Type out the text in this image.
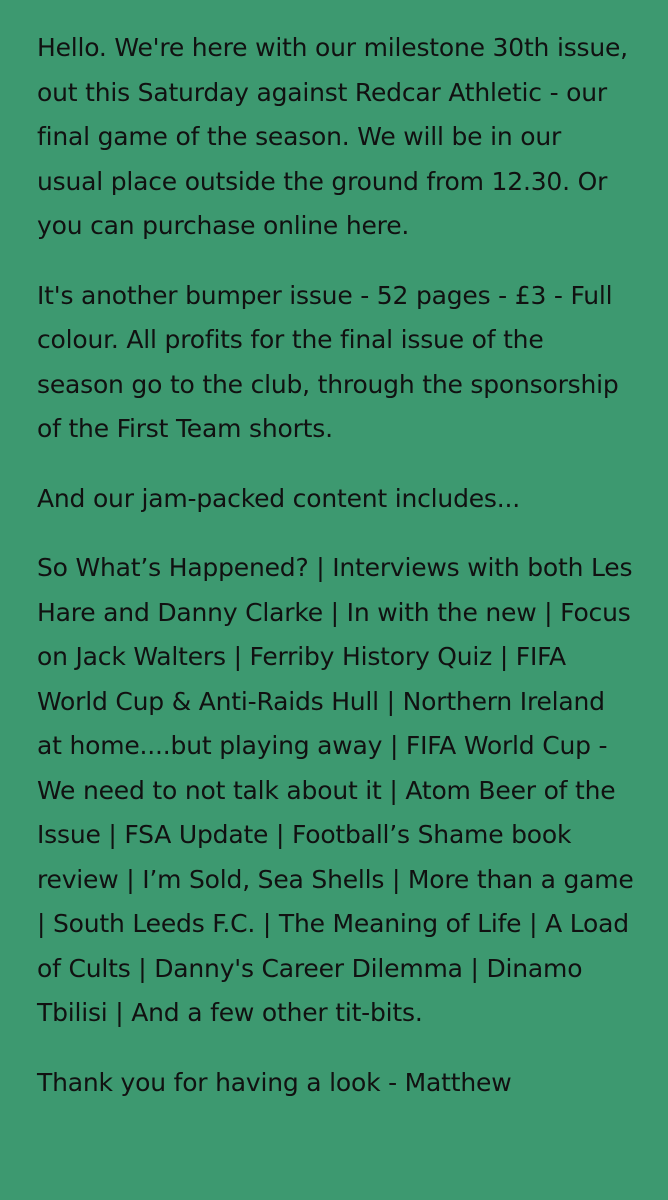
Hello. We're here with our milestone 30th issue, out this Saturday against Redcar Athletic - our final game of the season. We will be in our usual place outside the ground from 12.30. Or you can purchase online here.

It's another bumper issue - 52 pages - £3 - Full colour. All profits for the final issue of the season go to the club, through the sponsorship of the First Team shorts.

And our jam-packed content includes...

So What’s Happened? | Interviews with both Les Hare and Danny Clarke | In with the new | Focus on Jack Walters | Ferriby History Quiz | FIFA World Cup & Anti-Raids Hull | Northern Ireland at home....but playing away | FIFA World Cup - We need to not talk about it | Atom Beer of the Issue | FSA Update | Football’s Shame book review | I’m Sold, Sea Shells | More than a game | South Leeds F.C. | The Meaning of Life | A Load of Cults | Danny's Career Dilemma | Dinamo Tbilisi | And a few other tit-bits.

Thank you for having a look - Matthew
